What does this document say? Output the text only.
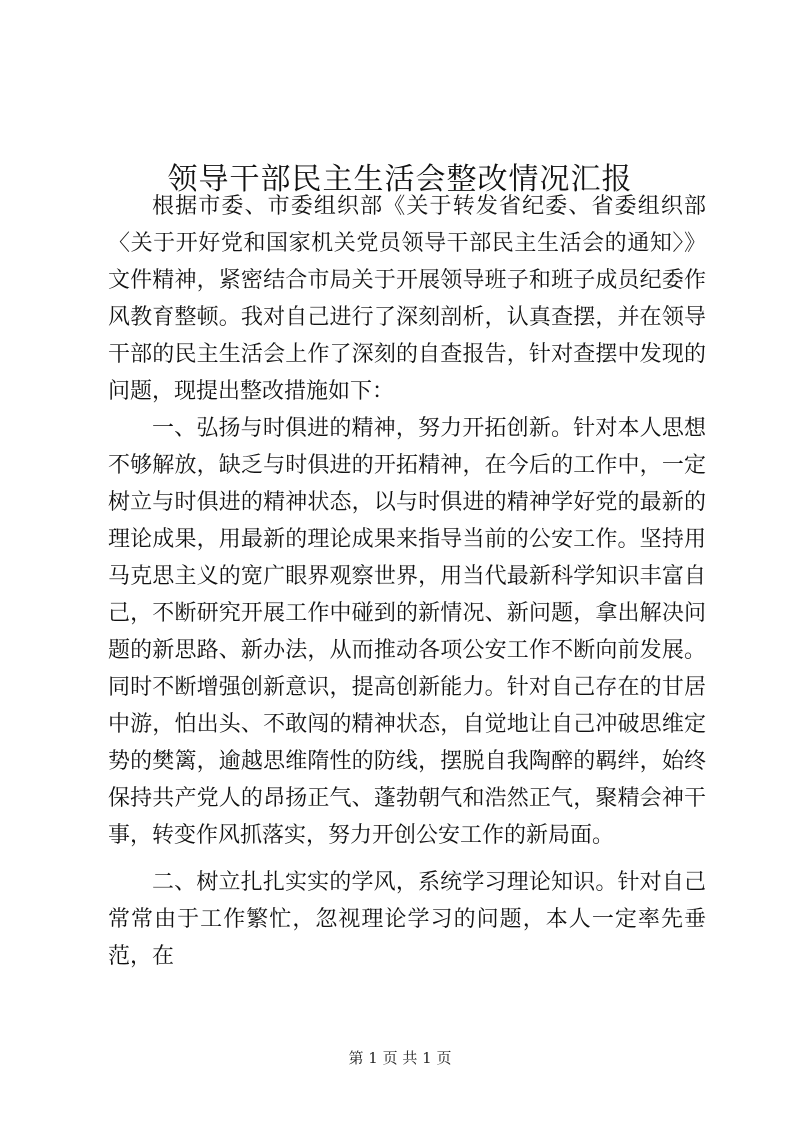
领导干部民主生活会整改情况汇报

根据市委、市委组织部《关于转发省纪委、省委组织部〈关于开好党和国家机关党员领导干部民主生活会的通知〉》文件精神，紧密结合市局关于开展领导班子和班子成员纪委作风教育整顿。我对自己进行了深刻剖析，认真查摆，并在领导干部的民主生活会上作了深刻的自查报告，针对查摆中发现的问题，现提出整改措施如下：

一、弘扬与时俱进的精神，努力开拓创新。针对本人思想不够解放，缺乏与时俱进的开拓精神，在今后的工作中，一定树立与时俱进的精神状态，以与时俱进的精神学好党的最新的理论成果，用最新的理论成果来指导当前的公安工作。坚持用马克思主义的宽广眼界观察世界，用当代最新科学知识丰富自己，不断研究开展工作中碰到的新情况、新问题，拿出解决问题的新思路、新办法，从而推动各项公安工作不断向前发展。同时不断增强创新意识，提高创新能力。针对自己存在的甘居中游，怕出头、不敢闯的精神状态，自觉地让自己冲破思维定势的樊篱，逾越思维隋性的防线，摆脱自我陶醉的羁绊，始终保持共产党人的昂扬正气、蓬勃朝气和浩然正气，聚精会神干事，转变作风抓落实，努力开创公安工作的新局面。

二、树立扎扎实实的学风，系统学习理论知识。针对自己常常由于工作繁忙，忽视理论学习的问题，本人一定率先垂范，在

第 1 页 共 1 页
